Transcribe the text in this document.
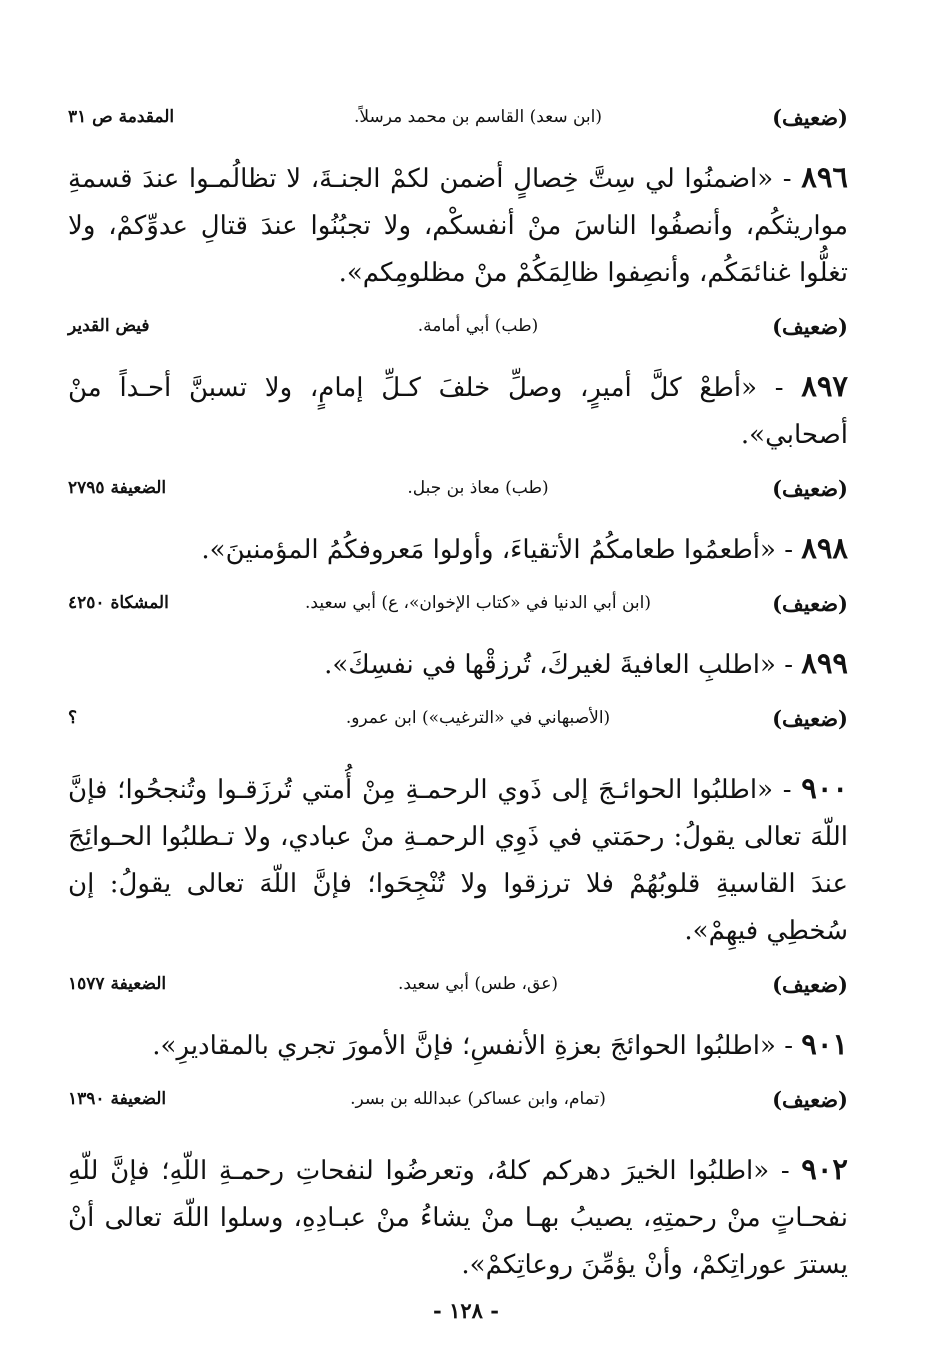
(ضعيف)
(ابن سعد) القاسم بن محمد مرسلاً.
المقدمة ص ٣١

٨٩٦ - «اضمنُوا لي سِتَّ خِصالٍ أضمن لكمْ الجنـةَ، لا تظالُمـوا عندَ قسمةِ مواريثكُم، وأنصفُوا الناسَ منْ أنفسكْم، ولا تجبُنُوا عندَ قتالِ عدوِّكمْ، ولا تغلُّوا غنائمَكُم، وأنصِفوا ظالِمَكُمْ منْ مظلومِكم».

(ضعيف)
(طب) أبي أمامة.
فيض القدير

٨٩٧ - «أطعْ كلَّ أميرٍ، وصلِّ خلفَ كـلِّ إمامٍ، ولا تسبنَّ أحـداً منْ أصحابي».

(ضعيف)
(طب) معاذ بن جبل.
الضعيفة ٢٧٩٥

٨٩٨ - «أطعمُوا طعامكُمُ الأتقياءَ، وأولوا مَعروفكُمُ المؤمنينَ».

(ضعيف)
(ابن أبي الدنيا في «كتاب الإخوان»، ع) أبي سعيد.
المشكاة ٤٢٥٠

٨٩٩ - «اطلبِ العافيةَ لغيركَ، تُرزقْها في نفسِكَ».

(ضعيف)
(الأصبهاني في «الترغيب») ابن عمرو.
؟

٩٠٠ - «اطلبُوا الحوائـجَ إلى ذَوي الرحمـةِ مِنْ أُمتي تُرزَقـوا وتُنجحُوا؛ فإنَّ اللّهَ تعالى يقولُ: رحمَتي في ذَوِي الرحمـةِ منْ عبادي، ولا تـطلبُوا الحـوائِجَ عندَ القاسيةِ قلوبُهُمْ فلا ترزقوا ولا تُنْجِحَوا؛ فإنَّ اللّهَ تعالى يقولُ: إن سُخطِي فيهِمْ».

(ضعيف)
(عق، طس) أبي سعيد.
الضعيفة ١٥٧٧

٩٠١ - «اطلبُوا الحوائجَ بعزةِ الأنفسِ؛ فإنَّ الأمورَ تجري بالمقاديرِ».

(ضعيف)
(تمام، وابن عساكر) عبدالله بن بسر.
الضعيفة ١٣٩٠

٩٠٢ - «اطلبُوا الخيرَ دهركم كلهُ، وتعرضُوا لنفحاتِ رحمـةِ اللّهِ؛ فإنَّ للّهِ نفحـاتٍ منْ رحمتِهِ، يصيبُ بهـا منْ يشاءُ منْ عبـادِهِ، وسلوا اللّهَ تعالى أنْ يسترَ عوراتِكمْ، وأنْ يؤمِّنَ روعاتِكمْ».

- ١٢٨ -
